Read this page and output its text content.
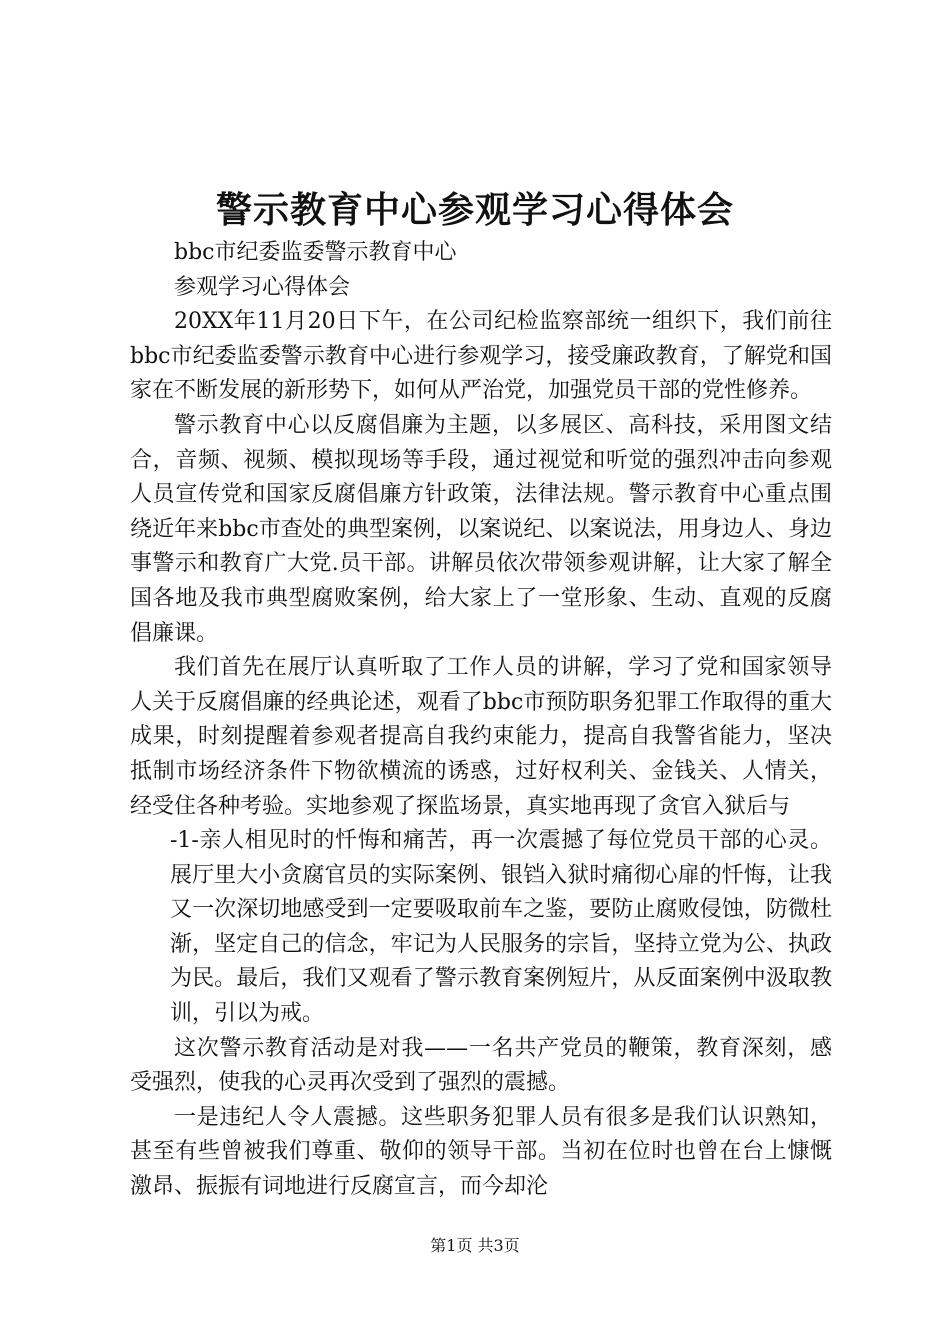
警示教育中心参观学习心得体会

bbc市纪委监委警示教育中心

参观学习心得体会

20XX年11月20日下午，在公司纪检监察部统一组织下，我们前往bbc市纪委监委警示教育中心进行参观学习，接受廉政教育，了解党和国家在不断发展的新形势下，如何从严治党，加强党员干部的党性修养。

警示教育中心以反腐倡廉为主题，以多展区、高科技，采用图文结合，音频、视频、模拟现场等手段，通过视觉和听觉的强烈冲击向参观人员宣传党和国家反腐倡廉方针政策，法律法规。警示教育中心重点围绕近年来bbc市查处的典型案例，以案说纪、以案说法，用身边人、身边事警示和教育广大党.员干部。讲解员依次带领参观讲解，让大家了解全国各地及我市典型腐败案例，给大家上了一堂形象、生动、直观的反腐倡廉课。

我们首先在展厅认真听取了工作人员的讲解，学习了党和国家领导人关于反腐倡廉的经典论述，观看了bbc市预防职务犯罪工作取得的重大成果，时刻提醒着参观者提高自我约束能力，提高自我警省能力，坚决抵制市场经济条件下物欲横流的诱惑，过好权利关、金钱关、人情关，经受住各种考验。实地参观了探监场景，真实地再现了贪官入狱后与

-1-亲人相见时的忏悔和痛苦，再一次震撼了每位党员干部的心灵。展厅里大小贪腐官员的实际案例、银铛入狱时痛彻心扉的忏悔，让我又一次深切地感受到一定要吸取前车之鉴，要防止腐败侵蚀，防微杜渐，坚定自己的信念，牢记为人民服务的宗旨，坚持立党为公、执政为民。最后，我们又观看了警示教育案例短片，从反面案例中汲取教训，引以为戒。

这次警示教育活动是对我——一名共产党员的鞭策，教育深刻，感受强烈，使我的心灵再次受到了强烈的震撼。

一是违纪人令人震撼。这些职务犯罪人员有很多是我们认识熟知，甚至有些曾被我们尊重、敬仰的领导干部。当初在位时也曾在台上慷慨激昂、振振有词地进行反腐宣言，而今却沦

第1页 共3页
